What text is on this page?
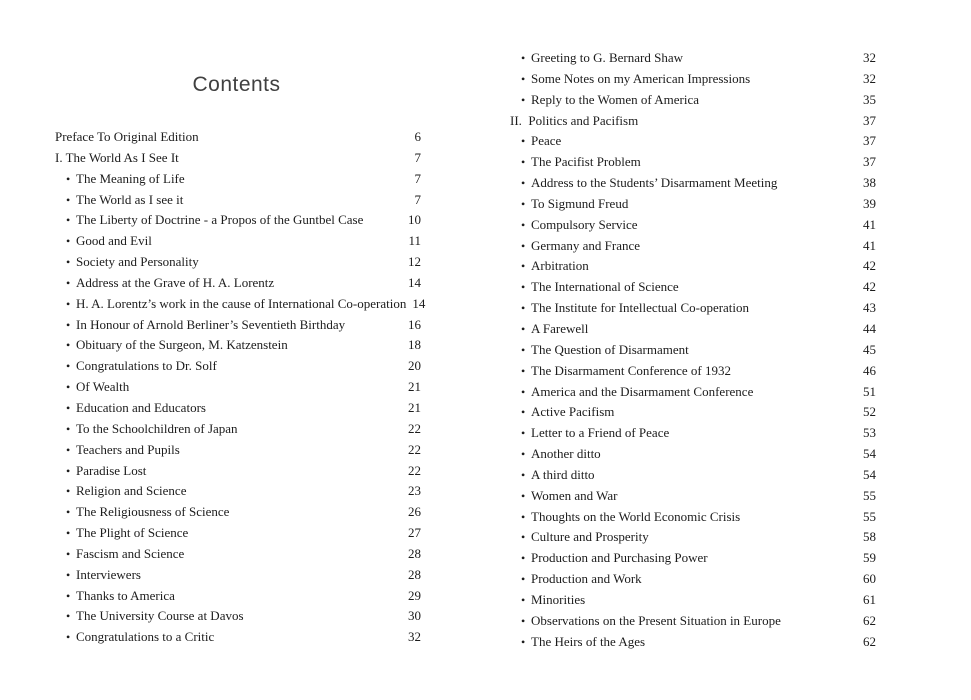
Contents
Preface To Original Edition	6
I. The World As I See It	7
• The Meaning of Life	7
• The World as I see it	7
• The Liberty of Doctrine - a Propos of the Guntbel Case	10
• Good and Evil	11
• Society and Personality	12
• Address at the Grave of H. A. Lorentz	14
• H. A. Lorentz’s work in the cause of International Co-operation 14
• In Honour of Arnold Berliner’s Seventieth Birthday	16
• Obituary of the Surgeon, M. Katzenstein	18
• Congratulations to Dr. Solf	20
• Of Wealth	21
• Education and Educators	21
• To the Schoolchildren of Japan	22
• Teachers and Pupils	22
• Paradise Lost	22
• Religion and Science	23
• The Religiousness of Science	26
• The Plight of Science	27
• Fascism and Science	28
• Interviewers	28
• Thanks to America	29
• The University Course at Davos	30
• Congratulations to a Critic	32
• Greeting to G. Bernard Shaw	32
• Some Notes on my American Impressions	32
• Reply to the Women of America	35
II.  Politics and Pacifism	37
• Peace	37
• The Pacifist Problem	37
• Address to the Students’ Disarmament Meeting	38
• To Sigmund Freud	39
• Compulsory Service	41
• Germany and France	41
• Arbitration	42
• The International of Science	42
• The Institute for Intellectual Co-operation	43
• A Farewell	44
• The Question of Disarmament	45
• The Disarmament Conference of 1932	46
• America and the Disarmament Conference	51
• Active Pacifism	52
• Letter to a Friend of Peace	53
• Another ditto	54
• A third ditto	54
• Women and War	55
• Thoughts on the World Economic Crisis	55
• Culture and Prosperity	58
• Production and Purchasing Power	59
• Production and Work	60
• Minorities	61
• Observations on the Present Situation in Europe	62
• The Heirs of the Ages	62
